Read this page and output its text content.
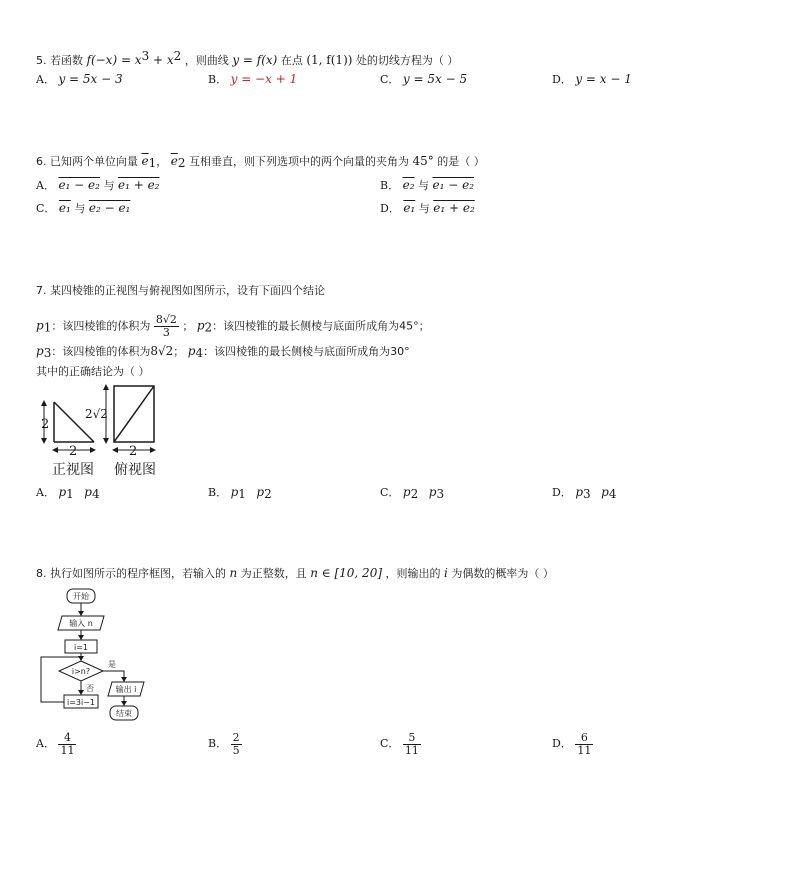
5. 若函数 $f(-x) = x^3 + x^2$ ，则曲线 y = f(x) 在点 (1, f(1)) 处的切线方程为（ ）
A． y = 5x − 3	B． y = −x + 1	C． y = 5x − 5	D． y = x − 1
6. 已知两个单位向量 $\overline{e}_1$， $\overline{e}_2$ 互相垂直，则下列选项中的两个向量的夹角为 45° 的是（ ）
A． e₁ − e₂ 与 e₁ + e₂	B． e₂ 与 e₁ − e₂
C． e₁ 与 e₂ − e₁	D． e₁ 与 e₁ + e₂
7. 某四棱锥的正视图与俯视图如图所示，设有下面四个结论
$p_1$：该四棱锥的体积为 $\frac{8√2}{3}$ ； $p_2$：该四棱锥的最长侧棱与底面所成角为45°；
$p_3$：该四棱锥的体积为8√2； $p_4$：该四棱锥的最长侧棱与底面所成角为30°
其中的正确结论为（ ）
2
2
2√2
2
正视图 俯视图
A． $p_1$ $p_4$	B． $p_1$ $p_2$	C． $p_2$ $p_3$	D． $p_3$ $p_4$
8. 执行如图所示的程序框图，若输入的 n 为正整数，且 n ∈ [10, 20] ，则输出的 i 为偶数的概率为（ ）
开始
输入 n
i=1
i>n?
i=3i−1
输出 i
结束
是
否
A． $\frac{4}{11}$	B． $\frac{2}{5}$	C． $\frac{5}{11}$	D． $\frac{6}{11}$
